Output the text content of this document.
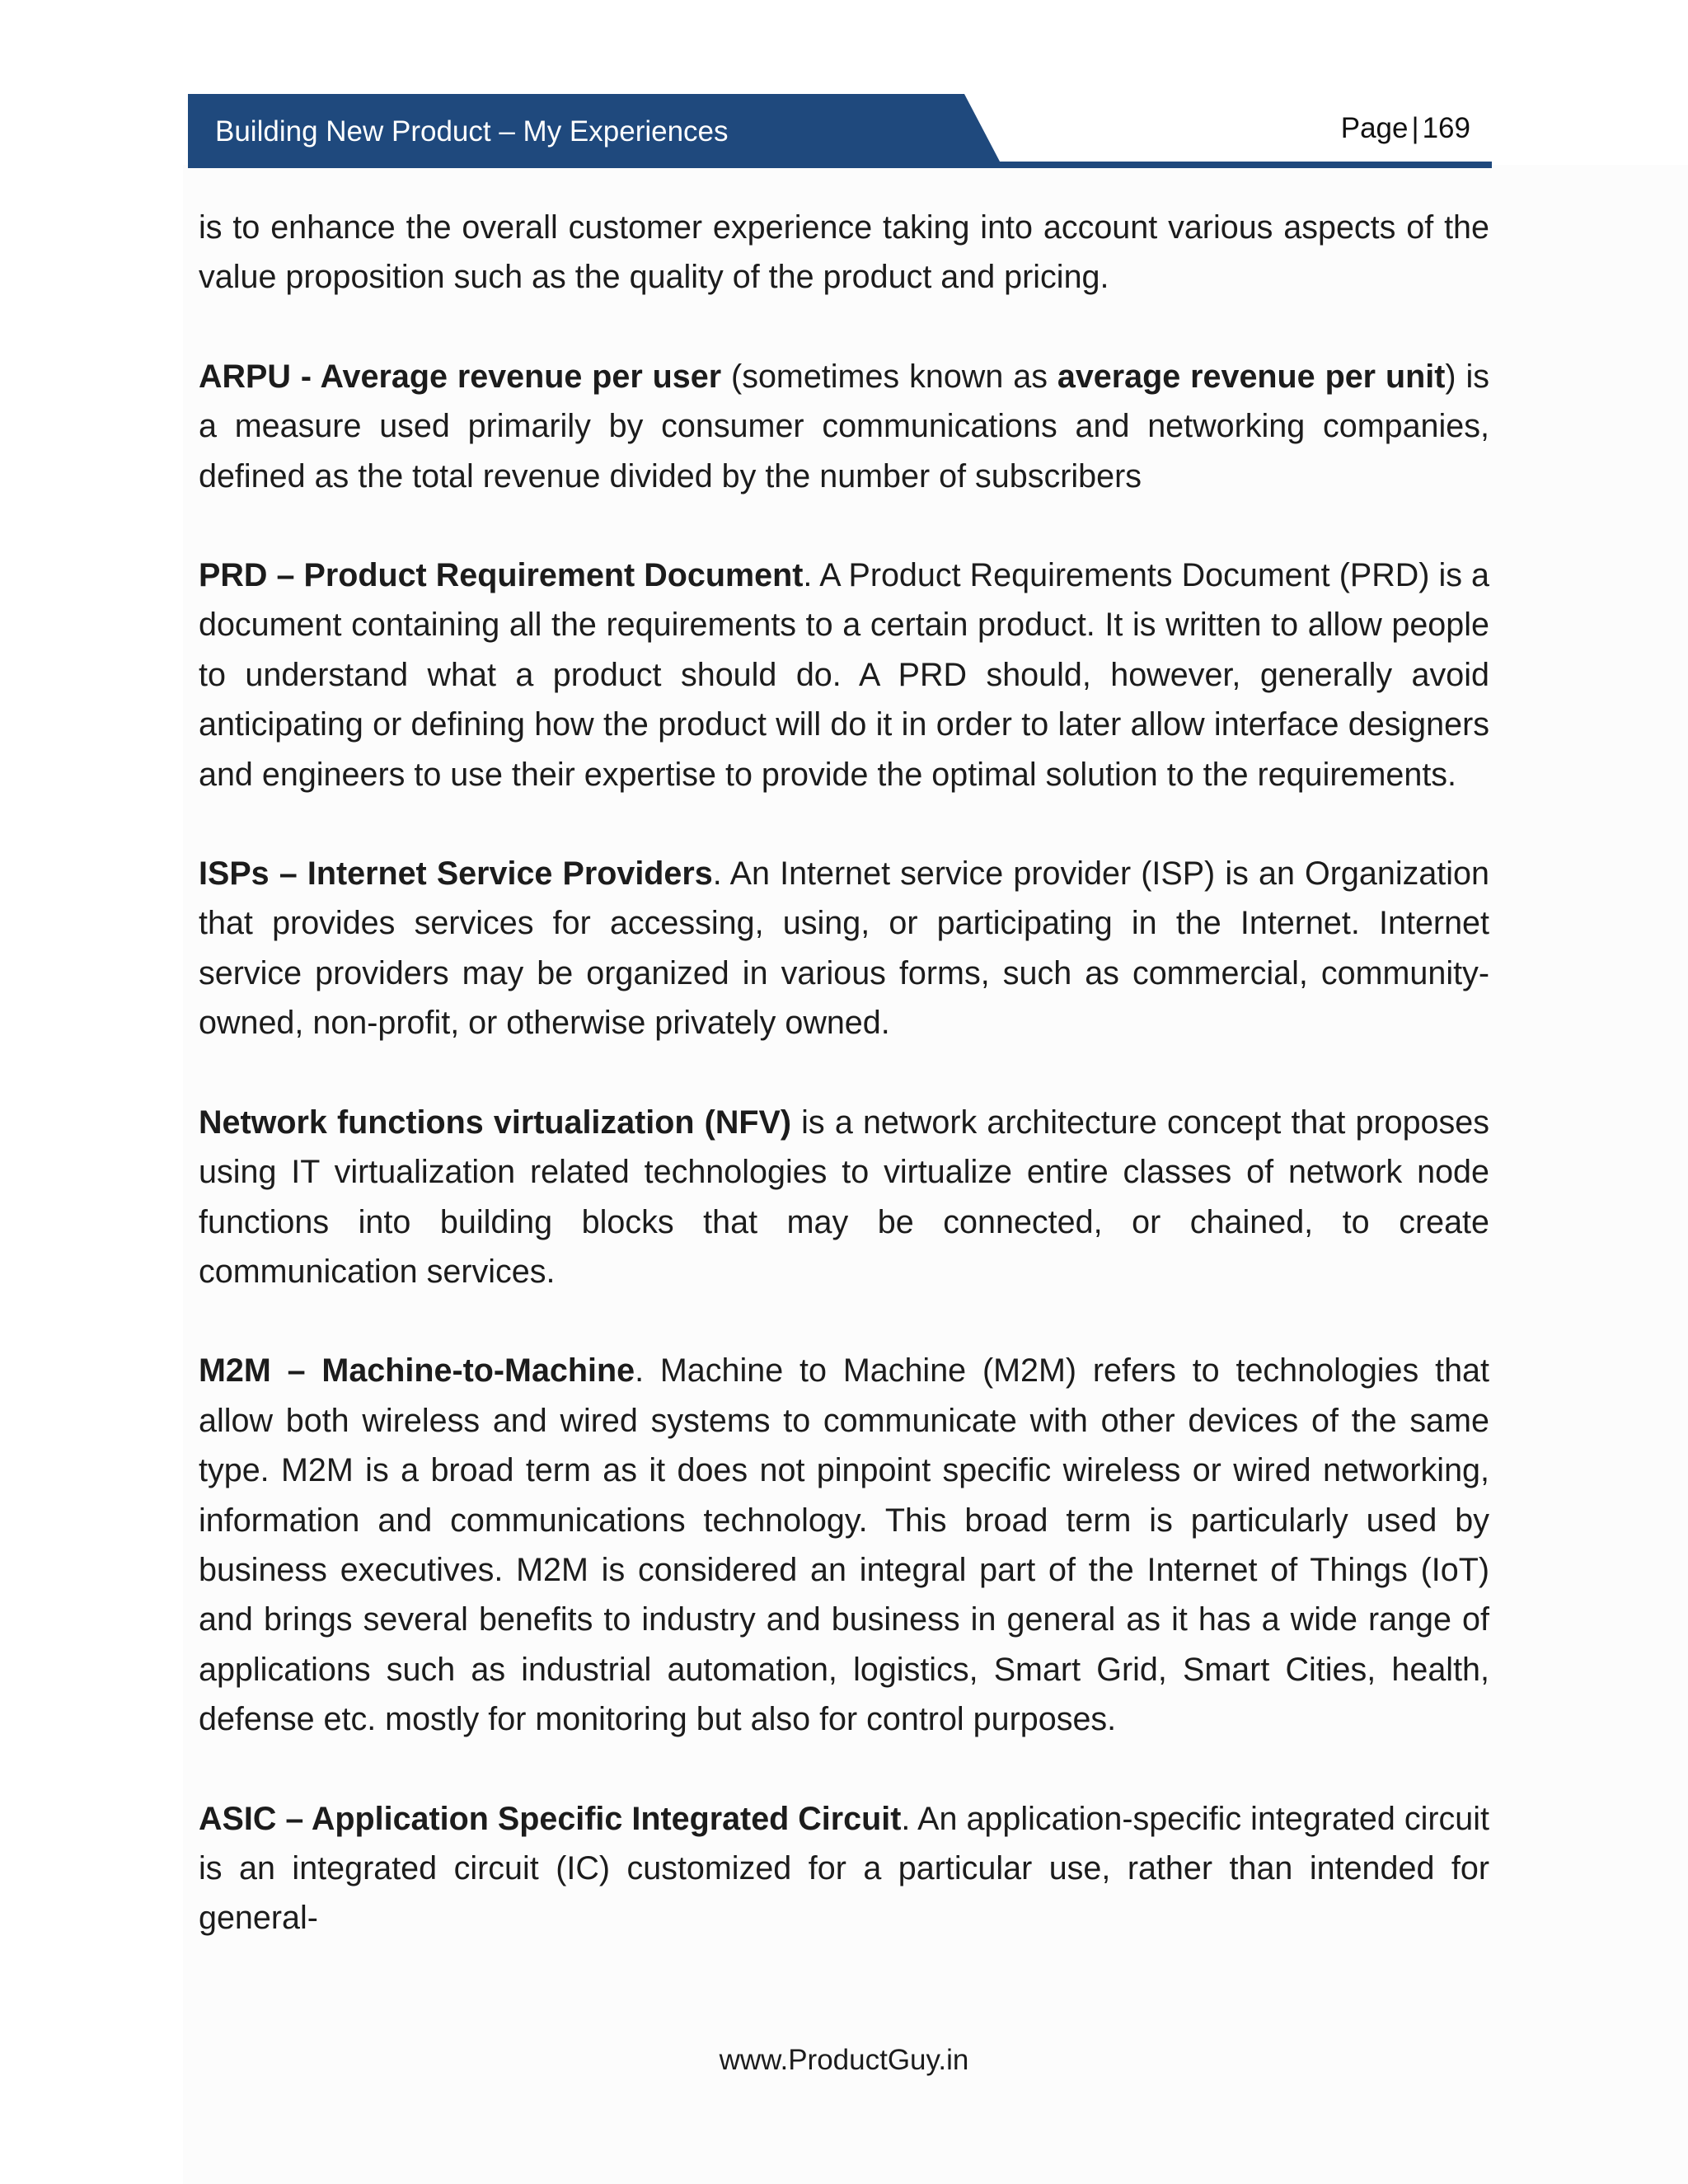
Building New Product – My Experiences	Page | 169

is to enhance the overall customer experience taking into account various aspects of the value proposition such as the quality of the product and pricing.

ARPU - Average revenue per user (sometimes known as average revenue per unit) is a measure used primarily by consumer communications and networking companies, defined as the total revenue divided by the number of subscribers

PRD – Product Requirement Document. A Product Requirements Document (PRD) is a document containing all the requirements to a certain product. It is written to allow people to understand what a product should do. A PRD should, however, generally avoid anticipating or defining how the product will do it in order to later allow interface designers and engineers to use their expertise to provide the optimal solution to the requirements.

ISPs – Internet Service Providers. An Internet service provider (ISP) is an Organization that provides services for accessing, using, or participating in the Internet. Internet service providers may be organized in various forms, such as commercial, community-owned, non-profit, or otherwise privately owned.

Network functions virtualization (NFV) is a network architecture concept that proposes using IT virtualization related technologies to virtualize entire classes of network node functions into building blocks that may be connected, or chained, to create communication services.

M2M – Machine-to-Machine. Machine to Machine (M2M) refers to technologies that allow both wireless and wired systems to communicate with other devices of the same type. M2M is a broad term as it does not pinpoint specific wireless or wired networking, information and communications technology. This broad term is particularly used by business executives. M2M is considered an integral part of the Internet of Things (IoT) and brings several benefits to industry and business in general as it has a wide range of applications such as industrial automation, logistics, Smart Grid, Smart Cities, health, defense etc. mostly for monitoring but also for control purposes.

ASIC – Application Specific Integrated Circuit. An application-specific integrated circuit is an integrated circuit (IC) customized for a particular use, rather than intended for general-

www.ProductGuy.in
